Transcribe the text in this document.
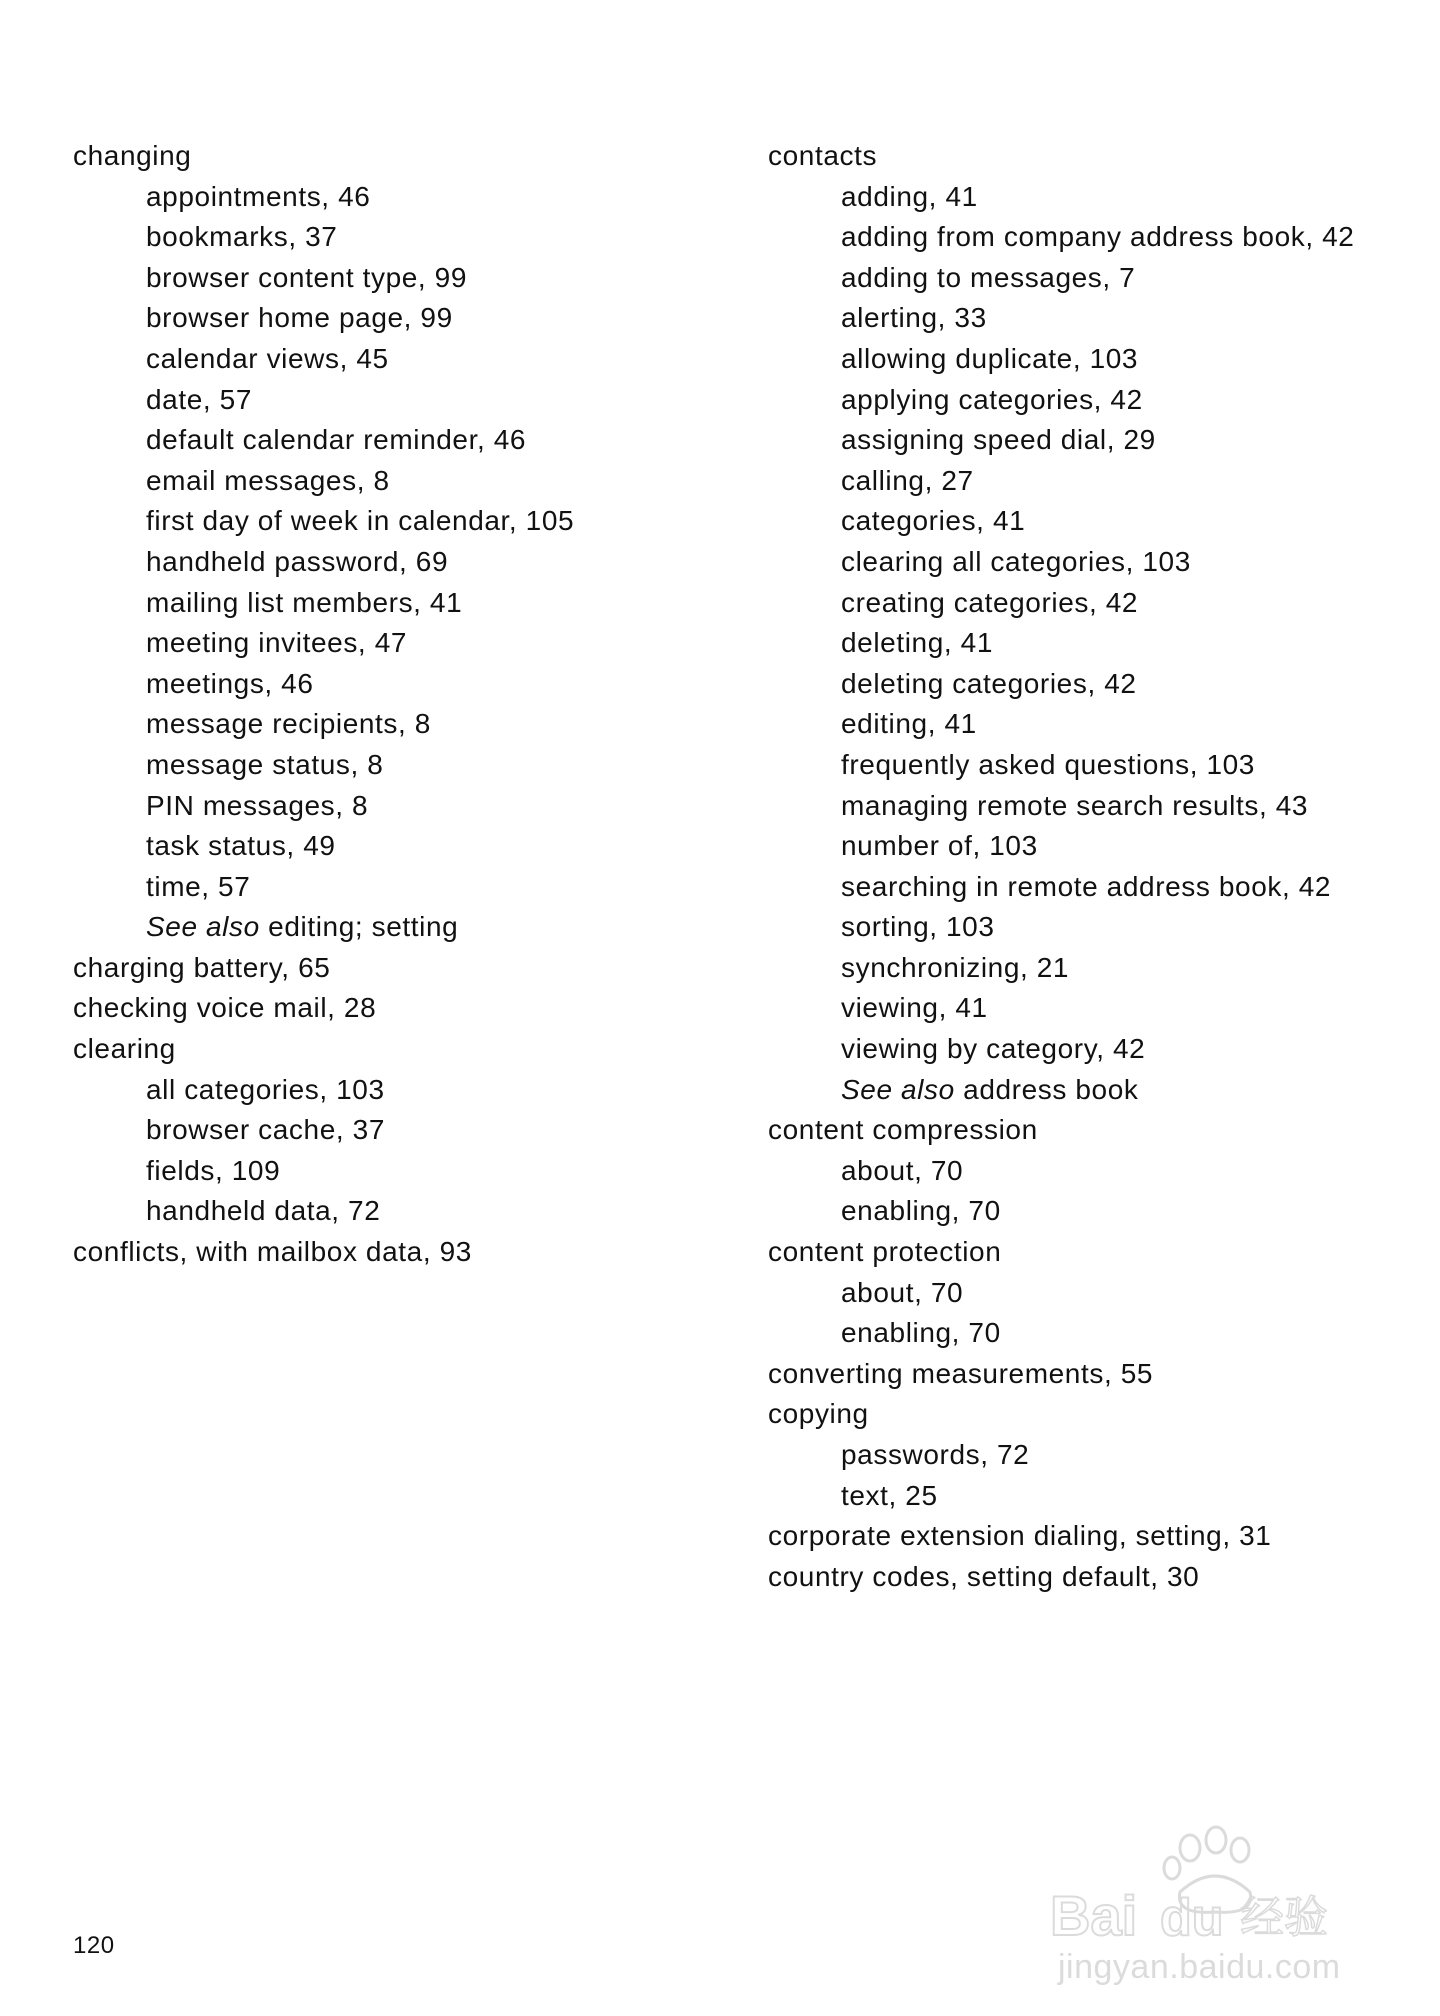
changing
appointments, 46
bookmarks, 37
browser content type, 99
browser home page, 99
calendar views, 45
date, 57
default calendar reminder, 46
email messages, 8
first day of week in calendar, 105
handheld password, 69
mailing list members, 41
meeting invitees, 47
meetings, 46
message recipients, 8
message status, 8
PIN messages, 8
task status, 49
time, 57
See also editing; setting
charging battery, 65
checking voice mail, 28
clearing
all categories, 103
browser cache, 37
fields, 109
handheld data, 72
conflicts, with mailbox data, 93
contacts
adding, 41
adding from company address book, 42
adding to messages, 7
alerting, 33
allowing duplicate, 103
applying categories, 42
assigning speed dial, 29
calling, 27
categories, 41
clearing all categories, 103
creating categories, 42
deleting, 41
deleting categories, 42
editing, 41
frequently asked questions, 103
managing remote search results, 43
number of, 103
searching in remote address book, 42
sorting, 103
synchronizing, 21
viewing, 41
viewing by category, 42
See also address book
content compression
about, 70
enabling, 70
content protection
about, 70
enabling, 70
converting measurements, 55
copying
passwords, 72
text, 25
corporate extension dialing, setting, 31
country codes, setting default, 30
120	Bai du 经验
jingyan.baidu.com
